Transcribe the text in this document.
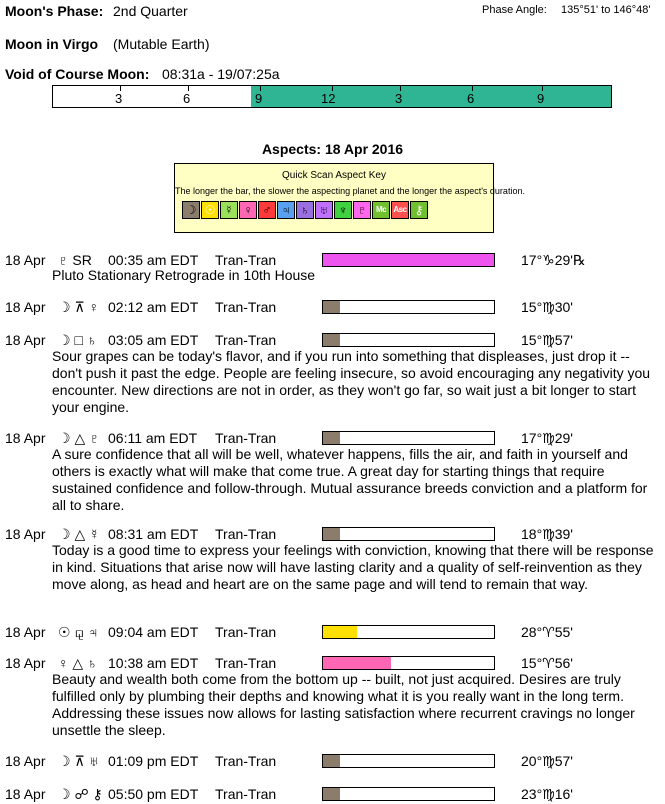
Moon's Phase: 2nd Quarter	Phase Angle: 135°51' to 146°48'
Moon in Virgo (Mutable Earth)
Void of Course Moon: 08:31a - 19/07:25a
3	6	9	12	3	6	9
Aspects: 18 Apr 2016
Quick Scan Aspect Key
The longer the bar, the slower the aspecting planet and the longer the aspect's duration.
☽ ☉ ☿ ♀ ♂ ♃ ♄ ♅ ♆ ♇	Mc Asc ⚷
18 Apr ♇ SR 00:35 am EDT Tran-Tran	17°♑29'℞
Pluto Stationary Retrograde in 10th House
18 Apr ☽ ⊼ ♀ 02:12 am EDT Tran-Tran	15°♍30'
18 Apr ☽ □ ♄ 03:05 am EDT Tran-Tran	15°♍57'
Sour grapes can be today's flavor, and if you run into something that displeases, just drop it -- don't push it past the edge. People are feeling insecure, so avoid encouraging any negativity you encounter. New directions are not in order, as they won't go far, so wait just a bit longer to start your engine.
18 Apr ☽ △ ♇ 06:11 am EDT Tran-Tran	17°♍29'
A sure confidence that all will be well, whatever happens, fills the air, and faith in yourself and others is exactly what will make that come true. A great day for starting things that require sustained confidence and follow-through. Mutual assurance breeds conviction and a platform for all to share.
18 Apr ☽ △ ☿ 08:31 am EDT Tran-Tran	18°♍39'
Today is a good time to express your feelings with conviction, knowing that there will be response in kind. Situations that arise now will have lasting clarity and a quality of self-reinvention as they move along, as head and heart are on the same page and will tend to remain that way.
18 Apr ☉ ⚼ ♃ 09:04 am EDT Tran-Tran	28°♈55'
18 Apr ♀ △ ♄ 10:38 am EDT Tran-Tran	15°♈56'
Beauty and wealth both come from the bottom up -- built, not just acquired. Desires are truly fulfilled only by plumbing their depths and knowing what it is you really want in the long term. Addressing these issues now allows for lasting satisfaction where recurrent cravings no longer unsettle the sleep.
18 Apr ☽ ⊼ ♅ 01:09 pm EDT Tran-Tran	20°♍57'
18 Apr ☽ ☍ ⚷ 05:50 pm EDT Tran-Tran	23°♍16'
